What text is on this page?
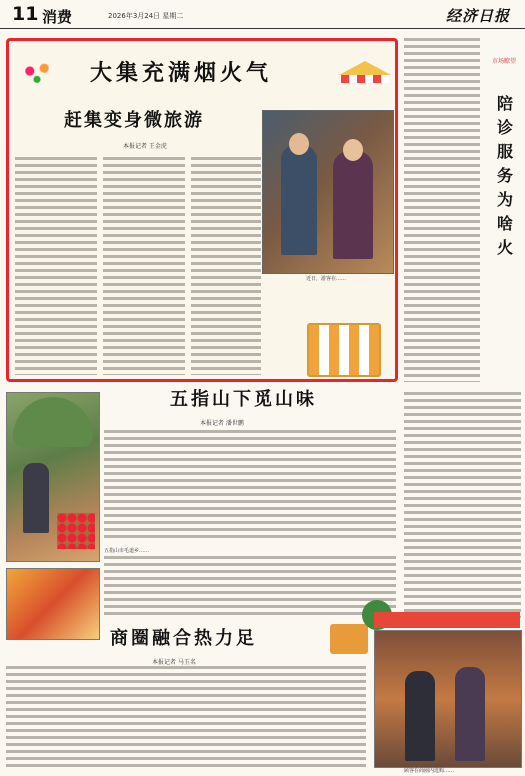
11 消费	2026年3月24日 星期二	经济日报
大集充满烟火气
赶集变身微旅游
本报记者 王金虎
近日，游客在……
市场瞭望
陪诊服务为啥火
五指山下觅山味
本报记者 潘世鹏
五指山市毛道乡……
商圈融合热力足
本报记者 马玉名
顾客在商圈内选购……
